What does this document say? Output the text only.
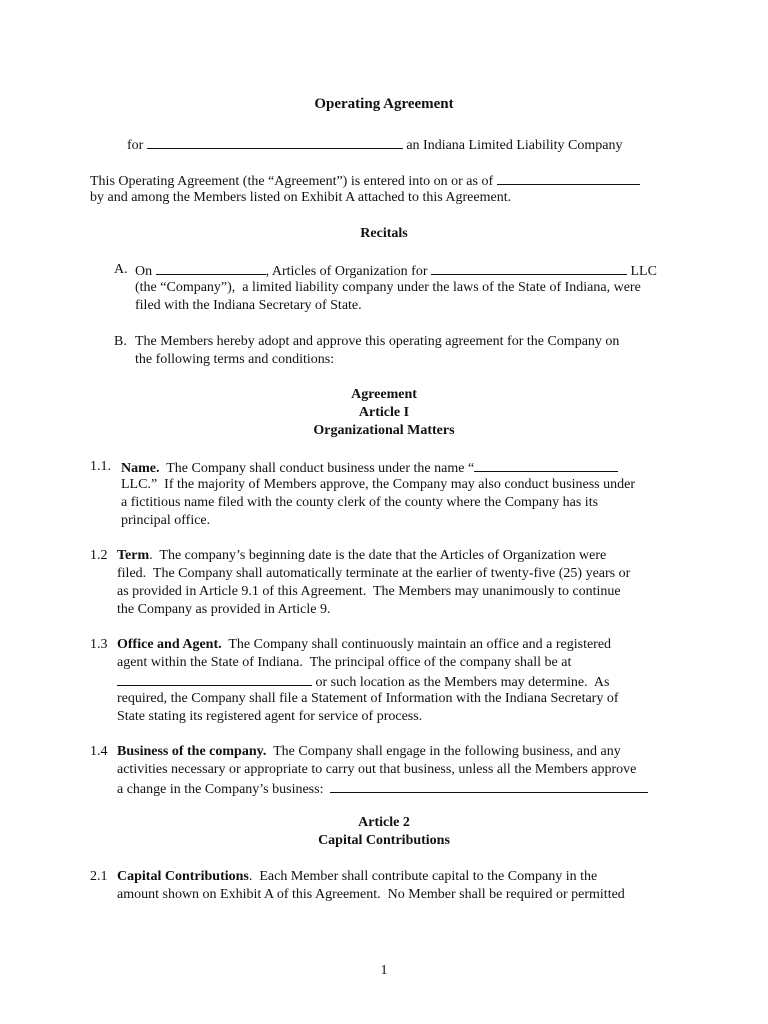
Operating Agreement
for	an Indiana Limited Liability Company
This Operating Agreement (the “Agreement”) is entered into on or as of
by and among the Members listed on Exhibit A attached to this Agreement.
Recitals
A. On	, Articles of Organization for	LLC
(the “Company”),  a limited liability company under the laws of the State of Indiana, were
filed with the Indiana Secretary of State.
B. The Members hereby adopt and approve this operating agreement for the Company on
the following terms and conditions:
Agreement
Article I
Organizational Matters
1.1. Name.  The Company shall conduct business under the name “
LLC.”  If the majority of Members approve, the Company may also conduct business under
a fictitious name filed with the county clerk of the county where the Company has its
principal office.
1.2 Term.  The company’s beginning date is the date that the Articles of Organization were
filed.  The Company shall automatically terminate at the earlier of twenty-five (25) years or
as provided in Article 9.1 of this Agreement.  The Members may unanimously to continue
the Company as provided in Article 9.
1.3 Office and Agent.  The Company shall continuously maintain an office and a registered
agent within the State of Indiana.  The principal office of the company shall be at
or such location as the Members may determine.  As
required, the Company shall file a Statement of Information with the Indiana Secretary of
State stating its registered agent for service of process.
1.4 Business of the company.  The Company shall engage in the following business, and any
activities necessary or appropriate to carry out that business, unless all the Members approve
a change in the Company’s business:
Article 2
Capital Contributions
2.1 Capital Contributions.  Each Member shall contribute capital to the Company in the
amount shown on Exhibit A of this Agreement.  No Member shall be required or permitted
1
